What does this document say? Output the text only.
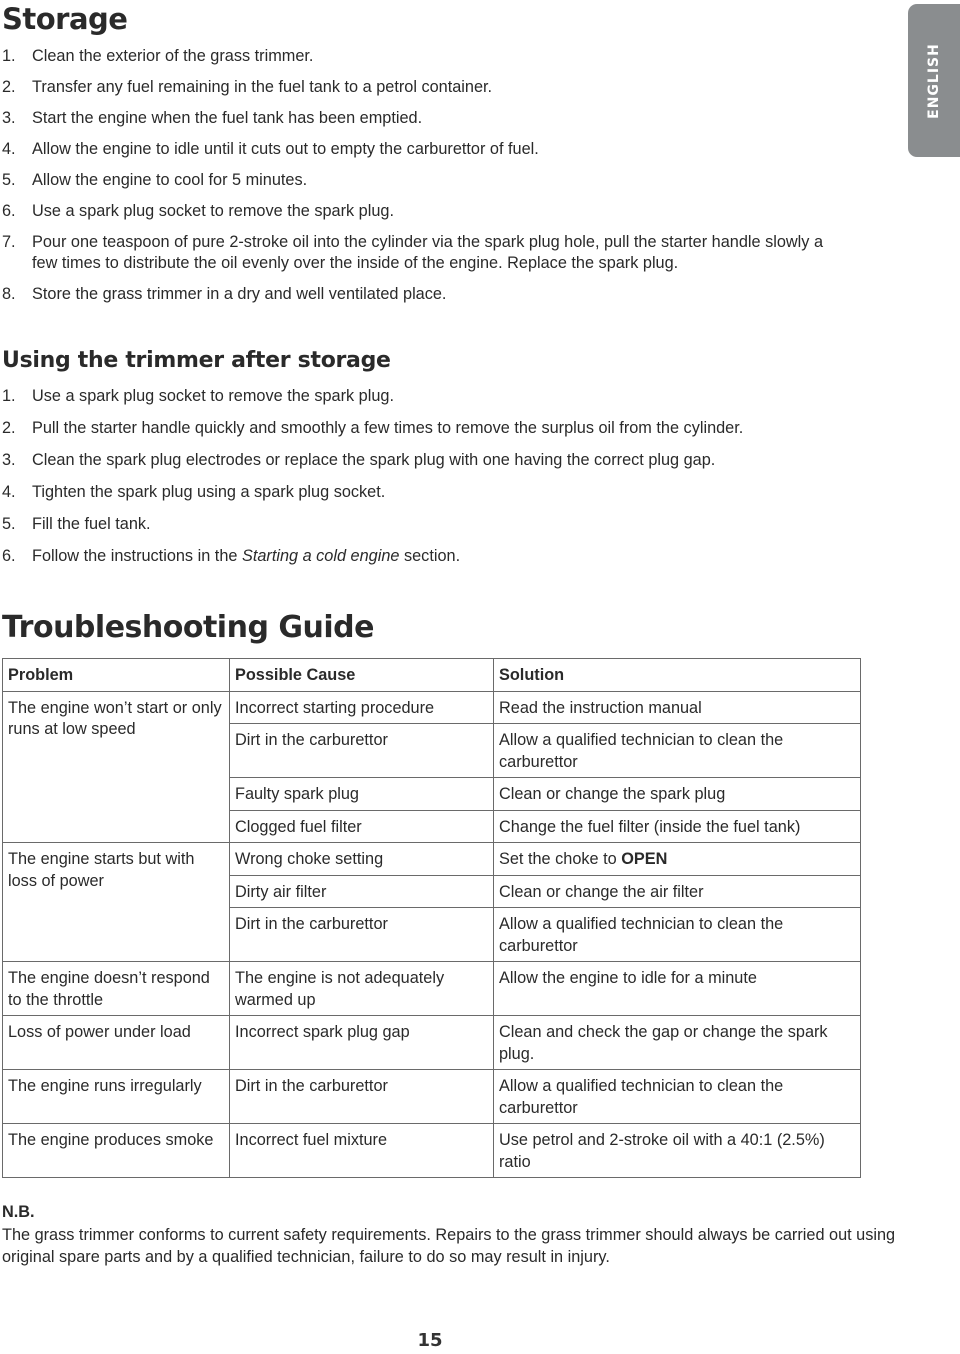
ENGLISH
Storage
1. Clean the exterior of the grass trimmer.
2. Transfer any fuel remaining in the fuel tank to a petrol container.
3. Start the engine when the fuel tank has been emptied.
4. Allow the engine to idle until it cuts out to empty the carburettor of fuel.
5. Allow the engine to cool for 5 minutes.
6. Use a spark plug socket to remove the spark plug.
7. Pour one teaspoon of pure 2-stroke oil into the cylinder via the spark plug hole, pull the starter handle slowly a few times to distribute the oil evenly over the inside of the engine. Replace the spark plug.
8. Store the grass trimmer in a dry and well ventilated place.
Using the trimmer after storage
1. Use a spark plug socket to remove the spark plug.
2. Pull the starter handle quickly and smoothly a few times to remove the surplus oil from the cylinder.
3. Clean the spark plug electrodes or replace the spark plug with one having the correct plug gap.
4. Tighten the spark plug using a spark plug socket.
5. Fill the fuel tank.
6. Follow the instructions in the Starting a cold engine section.
Troubleshooting Guide
Problem	Possible Cause	Solution
The engine won’t start or only runs at low speed	Incorrect starting procedure	Read the instruction manual
	Dirt in the carburettor	Allow a qualified technician to clean the carburettor
	Faulty spark plug	Clean or change the spark plug
	Clogged fuel filter	Change the fuel filter (inside the fuel tank)
The engine starts but with loss of power	Wrong choke setting	Set the choke to OPEN
	Dirty air filter	Clean or change the air filter
	Dirt in the carburettor	Allow a qualified technician to clean the carburettor
The engine doesn’t respond to the throttle	The engine is not adequately warmed up	Allow the engine to idle for a minute
Loss of power under load	Incorrect spark plug gap	Clean and check the gap or change the spark plug.
The engine runs irregularly	Dirt in the carburettor	Allow a qualified technician to clean the carburettor
The engine produces smoke	Incorrect fuel mixture	Use petrol and 2-stroke oil with a 40:1 (2.5%) ratio
N.B.
The grass trimmer conforms to current safety requirements. Repairs to the grass trimmer should always be carried out using original spare parts and by a qualified technician, failure to do so may result in injury.
15
